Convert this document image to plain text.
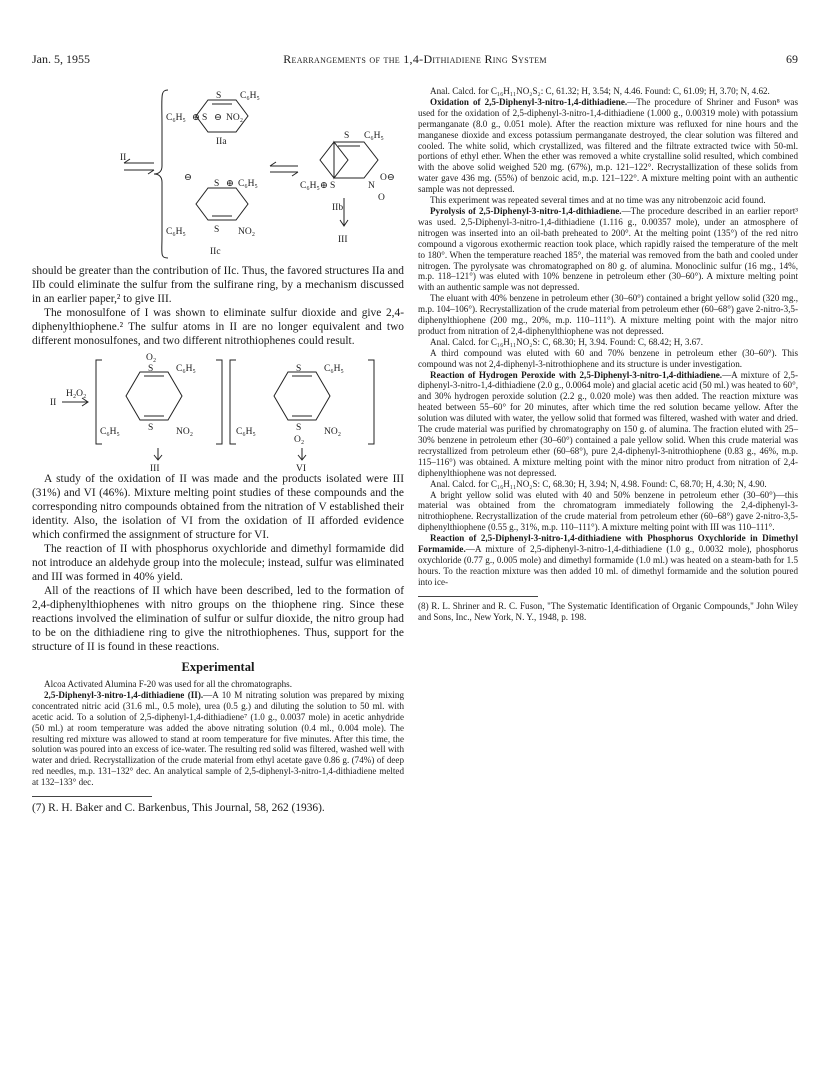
Jan. 5, 1955	Rearrangements of the 1,4-Dithiadiene Ring System	69
S C₆H₅
C₆H₅ ⊕ S ⊖ NO₂
IIa
II
⊖
S ⊕ C₆H₅
C₆H₅	S NO₂
IIc
S C₆H₅
C₆H₅ ⊕ S	N
O⊖
O
IIb
III

should be greater than the contribution of IIc. Thus, the favored structures IIa and IIb could eliminate the sulfur from the sulfirane ring, by a mechanism discussed in an earlier paper,² to give III.

The monosulfone of I was shown to eliminate sulfur dioxide and give 2,4-diphenylthiophene.² The sulfur atoms in II are no longer equivalent and two different monosulfones, and two different nitrothiophenes could result.

II
H₂O₂
O₂
S C₆H₅
C₆H₅	S NO₂
S C₆H₅
C₆H₅	S NO₂
O₂
III	VI

A study of the oxidation of II was made and the products isolated were III (31%) and VI (46%). Mixture melting point studies of these compounds and the corresponding nitro compounds obtained from the nitration of V established their identity. Also, the isolation of VI from the oxidation of II afforded evidence which confirmed the assignment of structure for VI.

The reaction of II with phosphorus oxychloride and dimethyl formamide did not introduce an aldehyde group into the molecule; instead, sulfur was eliminated and III was formed in 40% yield.

All of the reactions of II which have been described, led to the formation of 2,4-diphenylthiophenes with nitro groups on the thiophene ring. Since these reactions involved the elimination of sulfur or sulfur dioxide, the nitro group had to be on the dithiadiene ring to give the nitrothiophenes. Thus, support for the structure of II is found in these reactions.

Experimental

Alcoa Activated Alumina F-20 was used for all the chromatographs.

2,5-Diphenyl-3-nitro-1,4-dithiadiene (II).—A 10 M nitrating solution was prepared by mixing concentrated nitric acid (31.6 ml., 0.5 mole), urea (0.5 g.) and diluting the solution to 50 ml. with acetic acid. To a solution of 2,5-diphenyl-1,4-dithiadiene⁷ (1.0 g., 0.0037 mole) in acetic anhydride (50 ml.) at room temperature was added the above nitrating solution (0.4 ml., 0.004 mole). The resulting red mixture was allowed to stand at room temperature for five minutes. After this time, the solution was poured into an excess of ice-water. The resulting red solid was filtered, washed well with water and dried. Recrystallization of the crude material from ethyl acetate gave 0.86 g. (74%) of deep red needles, m.p. 131–132° dec. An analytical sample of 2,5-diphenyl-3-nitro-1,4-dithiadiene melted at 132–133° dec.

(7) R. H. Baker and C. Barkenbus, This Journal, 58, 262 (1936).

Anal. Calcd. for C₁₆H₁₁NO₂S₂: C, 61.32; H, 3.54; N, 4.46. Found: C, 61.09; H, 3.70; N, 4.62.

Oxidation of 2,5-Diphenyl-3-nitro-1,4-dithiadiene.—The procedure of Shriner and Fuson⁸ was used for the oxidation of 2,5-diphenyl-3-nitro-1,4-dithiadiene (1.000 g., 0.00319 mole) with potassium permanganate (8.0 g., 0.051 mole). After the reaction mixture was refluxed for nine hours and the manganese dioxide and excess potassium permanganate destroyed, the clear solution was filtered and cooled. The white solid, which crystallized, was filtered and the filtrate extracted twice with 50-ml. portions of ethyl ether. When the ether was removed a white crystalline solid resulted, which combined with the above solid weighed 520 mg. (67%), m.p. 121–122°. Recrystallization of these solids from water gave 436 mg. (55%) of benzoic acid, m.p. 121–122°. A mixture melting point with an authentic sample was not depressed.

This experiment was repeated several times and at no time was any nitrobenzoic acid found.

Pyrolysis of 2,5-Diphenyl-3-nitro-1,4-dithiadiene.—The procedure described in an earlier report³ was used. 2,5-Diphenyl-3-nitro-1,4-dithiadiene (1.116 g., 0.00357 mole), under an atmosphere of nitrogen was inserted into an oil-bath preheated to 200°. At the melting point (135°) of the red nitro compound a vigorous exothermic reaction took place, which rapidly raised the temperature of the melt to 180°. When the temperature reached 185°, the material was removed from the bath and cooled under nitrogen. The pyrolysate was chromatographed on 80 g. of alumina. Monoclinic sulfur (16 mg., 14%, m.p. 118–121°) was eluted with 10% benzene in petroleum ether (30–60°). A mixture melting point with an authentic sample was not depressed.

The eluant with 40% benzene in petroleum ether (30–60°) contained a bright yellow solid (320 mg., m.p. 104–106°). Recrystallization of the crude material from petroleum ether (60–68°) gave 2-nitro-3,5-diphenylthiophene (200 mg., 20%, m.p. 110–111°). A mixture melting point with the major nitro product from nitration of 2,4-diphenylthiophene was not depressed.

Anal. Calcd. for C₁₆H₁₁NO₂S: C, 68.30; H, 3.94. Found: C, 68.42; H, 3.67.

A third compound was eluted with 60 and 70% benzene in petroleum ether (30–60°). This compound was not 2,4-diphenyl-3-nitrothiophene and its structure is under investigation.

Reaction of Hydrogen Peroxide with 2,5-Diphenyl-3-nitro-1,4-dithiadiene.—A mixture of 2,5-diphenyl-3-nitro-1,4-dithiadiene (2.0 g., 0.0064 mole) and glacial acetic acid (50 ml.) was heated to 60°, and 30% hydrogen peroxide solution (2.2 g., 0.020 mole) was then added. The reaction mixture was heated between 55–60° for 20 minutes, after which time the red solution became yellow. After the solution was diluted with water, the yellow solid that formed was filtered, washed with water and dried. The crude material was purified by chromatography on 150 g. of alumina. The fraction eluted with 25–30% benzene in petroleum ether (30–60°) contained a pale yellow solid. When this crude material was recrystallized from petroleum ether (60–68°), pure 2,4-diphenyl-3-nitrothiophene (0.83 g., 46%, m.p. 115–116°) was obtained. A mixture melting point with the minor nitro product from nitration of 2,4-diphenylthiophene was not depressed.

Anal. Calcd. for C₁₆H₁₁NO₂S: C, 68.30; H, 3.94; N, 4.98. Found: C, 68.70; H, 4.30; N, 4.90.

A bright yellow solid was eluted with 40 and 50% benzene in petroleum ether (30–60°)—this material was obtained from the chromatogram immediately following the 2,4-diphenyl-3-nitrothiophene. Recrystallization of the crude material from petroleum ether (60–68°) gave 2-nitro-3,5-diphenylthiophene (0.55 g., 31%, m.p. 110–111°). A mixture melting point with III was 110–111°.

Reaction of 2,5-Diphenyl-3-nitro-1,4-dithiadiene with Phosphorus Oxychloride in Dimethyl Formamide.—A mixture of 2,5-diphenyl-3-nitro-1,4-dithiadiene (1.0 g., 0.0032 mole), phosphorus oxychloride (0.77 g., 0.005 mole) and dimethyl formamide (1.0 ml.) was heated on a steam-bath for 1.5 hours. To the reaction mixture was then added 10 ml. of dimethyl formamide and the solution poured into ice-

(8) R. L. Shriner and R. C. Fuson, "The Systematic Identification of Organic Compounds," John Wiley and Sons, Inc., New York, N. Y., 1948, p. 198.
